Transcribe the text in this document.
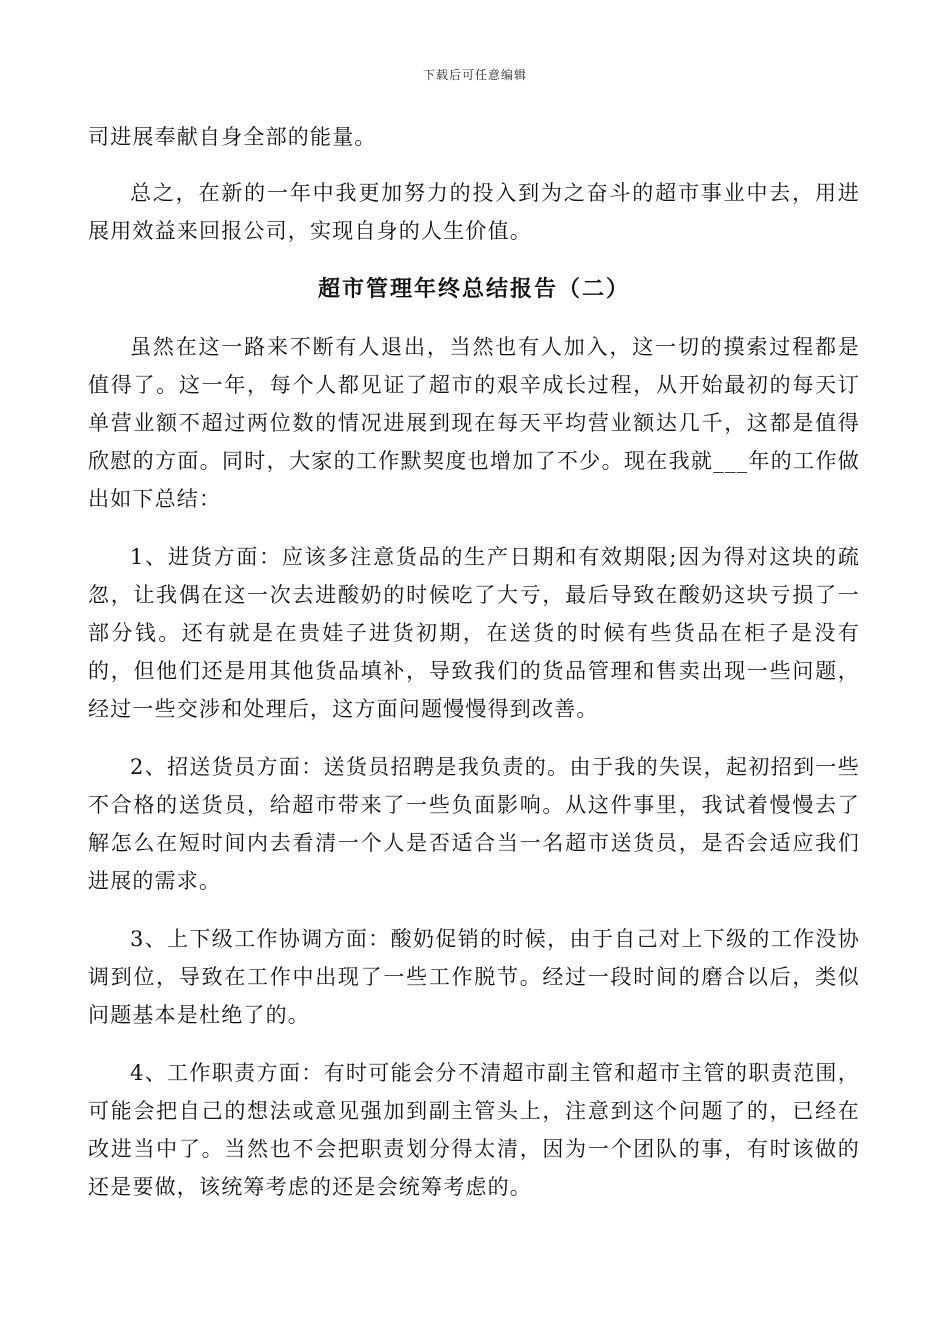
下载后可任意编辑

司进展奉献自身全部的能量。

总之，在新的一年中我更加努力的投入到为之奋斗的超市事业中去，用进展用效益来回报公司，实现自身的人生价值。

超市管理年终总结报告（二）

虽然在这一路来不断有人退出，当然也有人加入，这一切的摸索过程都是值得了。这一年，每个人都见证了超市的艰辛成长过程，从开始最初的每天订单营业额不超过两位数的情况进展到现在每天平均营业额达几千，这都是值得欣慰的方面。同时，大家的工作默契度也增加了不少。现在我就___年的工作做出如下总结：

1、进货方面：应该多注意货品的生产日期和有效期限;因为得对这块的疏忽，让我偶在这一次去进酸奶的时候吃了大亏，最后导致在酸奶这块亏损了一部分钱。还有就是在贵娃子进货初期，在送货的时候有些货品在柜子是没有的，但他们还是用其他货品填补，导致我们的货品管理和售卖出现一些问题，经过一些交涉和处理后，这方面问题慢慢得到改善。

2、招送货员方面：送货员招聘是我负责的。由于我的失误，起初招到一些不合格的送货员，给超市带来了一些负面影响。从这件事里，我试着慢慢去了解怎么在短时间内去看清一个人是否适合当一名超市送货员，是否会适应我们进展的需求。

3、上下级工作协调方面：酸奶促销的时候，由于自己对上下级的工作没协调到位，导致在工作中出现了一些工作脱节。经过一段时间的磨合以后，类似问题基本是杜绝了的。

4、工作职责方面：有时可能会分不清超市副主管和超市主管的职责范围，可能会把自己的想法或意见强加到副主管头上，注意到这个问题了的，已经在改进当中了。当然也不会把职责划分得太清，因为一个团队的事，有时该做的还是要做，该统筹考虑的还是会统筹考虑的。
